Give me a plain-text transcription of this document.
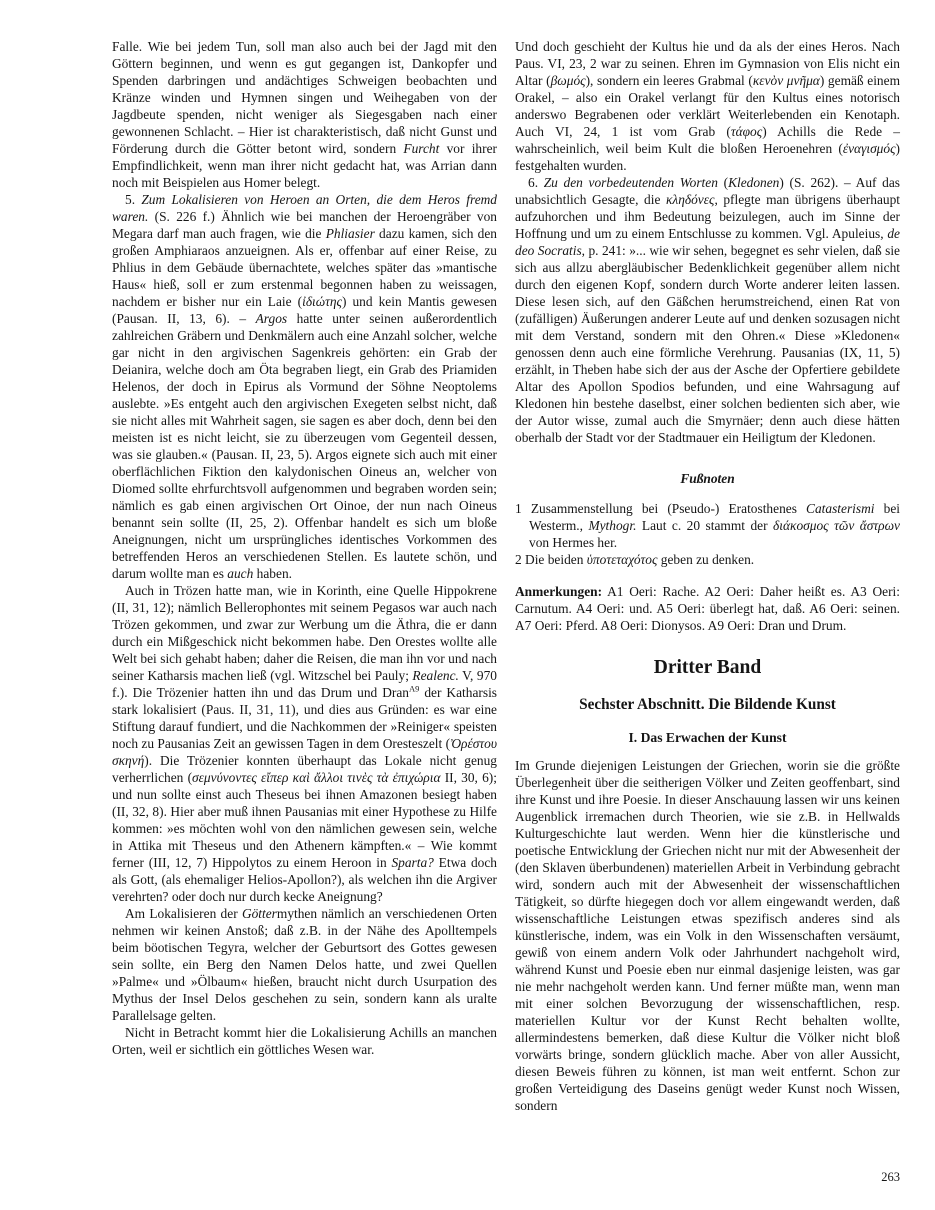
Falle. Wie bei jedem Tun, soll man also auch bei der Jagd mit den Göttern beginnen, und wenn es gut gegangen ist, Dankopfer und Spenden darbringen und andächtiges Schweigen beobachten und Kränze winden und Hymnen singen und Weihegaben von der Jagdbeute spenden, nicht weniger als Siegesgaben nach einer gewonnenen Schlacht. – Hier ist charakteristisch, daß nicht Gunst und Förderung durch die Götter betont wird, sondern Furcht vor ihrer Empfindlichkeit, wenn man ihrer nicht gedacht hat, was Arrian dann noch mit Beispielen aus Homer belegt.

5. Zum Lokalisieren von Heroen an Orten, die dem Heros fremd waren. (S. 226 f.) Ähnlich wie bei manchen der Heroengräber von Megara darf man auch fragen, wie die Phliasier dazu kamen, sich den großen Amphiaraos anzueignen. Als er, offenbar auf einer Reise, zu Phlius in dem Gebäude übernachtete, welches später das »mantische Haus« hieß, soll er zum erstenmal begonnen haben zu weissagen, nachdem er bisher nur ein Laie (ἰδιώτης) und kein Mantis gewesen (Pausan. II, 13, 6). – Argos hatte unter seinen außerordentlich zahlreichen Gräbern und Denkmälern auch eine Anzahl solcher, welche gar nicht in den argivischen Sagenkreis gehörten: ein Grab der Deianira, welche doch am Öta begraben liegt, ein Grab des Priamiden Helenos, der doch in Epirus als Vormund der Söhne Neoptolems auslebte. »Es entgeht auch den argivischen Exegeten selbst nicht, daß sie nicht alles mit Wahrheit sagen, sie sagen es aber doch, denn bei den meisten ist es nicht leicht, sie zu überzeugen vom Gegenteil dessen, was sie glauben.« (Pausan. II, 23, 5). Argos eignete sich auch mit einer oberflächlichen Fiktion den kalydonischen Oineus an, welcher von Diomed sollte ehrfurchtsvoll aufgenommen und begraben worden sein; nämlich es gab einen argivischen Ort Oinoe, der nun nach Oineus benannt sein sollte (II, 25, 2). Offenbar handelt es sich um bloße Aneignungen, nicht um ursprüngliches identisches Vorkommen des betreffenden Heros an verschiedenen Stellen. Es lautete schön, und darum wollte man es auch haben.

Auch in Trözen hatte man, wie in Korinth, eine Quelle Hippokrene (II, 31, 12); nämlich Bellerophontes mit seinem Pegasos war auch nach Trözen gekommen, und zwar zur Werbung um die Äthra, die er dann durch ein Mißgeschick nicht bekommen habe. Den Orestes wollte alle Welt bei sich gehabt haben; daher die Reisen, die man ihn vor und nach seiner Katharsis machen ließ (vgl. Witzschel bei Pauly; Realenc. V, 970 f.). Die Trözenier hatten ihn und das Drum und Dran$^{A9}$ der Katharsis stark lokalisiert (Paus. II, 31, 11), und dies aus Gründen: es war eine Stiftung darauf fundiert, und die Nachkommen der »Reiniger« speisten noch zu Pausanias Zeit an gewissen Tagen in dem Oresteszelt (Ὀρέστου σκηνή). Die Trözenier konnten überhaupt das Lokale nicht genug verherrlichen (σεμνύνοντες εἴπερ καὶ ἄλλοι τινὲς τὰ ἐπιχώρια II, 30, 6); und nun sollte einst auch Theseus bei ihnen Amazonen besiegt haben (II, 32, 8). Hier aber muß ihnen Pausanias mit einer Hypothese zu Hilfe kommen: »es möchten wohl von den nämlichen gewesen sein, welche in Attika mit Theseus und den Athenern kämpften.« – Wie kommt ferner (III, 12, 7) Hippolytos zu einem Heroon in Sparta? Etwa doch als Gott, (als ehemaliger Helios-Apollon?), als welchen ihn die Argiver verehrten? oder doch nur durch kecke Aneignung?

Am Lokalisieren der Göttermythen nämlich an verschiedenen Orten nehmen wir keinen Anstoß; daß z.B. in der Nähe des Apolltempels beim böotischen Tegyra, welcher der Geburtsort des Gottes gewesen sein sollte, ein Berg den Namen Delos hatte, und zwei Quellen »Palme« und »Ölbaum« hießen, braucht nicht durch Usurpation des Mythus der Insel Delos geschehen zu sein, sondern kann als uralte Parallelsage gelten.

Nicht in Betracht kommt hier die Lokalisierung Achills an manchen Orten, weil er sichtlich ein göttliches Wesen war.

Und doch geschieht der Kultus hie und da als der eines Heros. Nach Paus. VI, 23, 2 war zu seinen. Ehren im Gymnasion von Elis nicht ein Altar (βωμός), sondern ein leeres Grabmal (κενὸν μνῆμα) gemäß einem Orakel, – also ein Orakel verlangt für den Kultus eines notorisch anderswo Begrabenen oder verklärt Weiterlebenden ein Kenotaph. Auch VI, 24, 1 ist vom Grab (τάφος) Achills die Rede – wahrscheinlich, weil beim Kult die bloßen Heroenehren (ἐναγισμός) festgehalten wurden.

6. Zu den vorbedeutenden Worten (Kledonen) (S. 262). – Auf das unabsichtlich Gesagte, die κληδόνες, pflegte man übrigens überhaupt aufzuhorchen und ihm Bedeutung beizulegen, auch im Sinne der Hoffnung und um zu einem Entschlusse zu kommen. Vgl. Apuleius, de deo Socratis, p. 241: »... wie wir sehen, begegnet es sehr vielen, daß sie sich aus allzu abergläubischer Bedenklichkeit gegenüber allem nicht durch den eigenen Kopf, sondern durch Worte anderer leiten lassen. Diese lesen sich, auf den Gäßchen herumstreichend, einen Rat von (zufälligen) Äußerungen anderer Leute auf und denken sozusagen nicht mit dem Verstand, sondern mit den Ohren.« Diese »Kledonen« genossen denn auch eine förmliche Verehrung. Pausanias (IX, 11, 5) erzählt, in Theben habe sich der aus der Asche der Opfertiere gebildete Altar des Apollon Spodios befunden, und eine Wahrsagung auf Kledonen hin bestehe daselbst, einer solchen bedienten sich aber, wie der Autor wisse, zumal auch die Smyrnäer; denn auch diese hätten oberhalb der Stadt vor der Stadtmauer ein Heiligtum der Kledonen.

Fußnoten

1 Zusammenstellung bei (Pseudo-) Eratosthenes Catasterismi bei Westerm., Mythogr. Laut c. 20 stammt der διάκοσμος τῶν ἄστρων von Hermes her.

2 Die beiden ὑποτεταχότος geben zu denken.

Anmerkungen: A1 Oeri: Rache. A2 Oeri: Daher heißt es. A3 Oeri: Carnutum. A4 Oeri: und. A5 Oeri: überlegt hat, daß. A6 Oeri: seinen. A7 Oeri: Pferd. A8 Oeri: Dionysos. A9 Oeri: Dran und Drum.

Dritter Band
Sechster Abschnitt. Die Bildende Kunst
I. Das Erwachen der Kunst

Im Grunde diejenigen Leistungen der Griechen, worin sie die größte Überlegenheit über die seitherigen Völker und Zeiten geoffenbart, sind ihre Kunst und ihre Poesie. In dieser Anschauung lassen wir uns keinen Augenblick irremachen durch Theorien, wie sie z.B. in Hellwalds Kulturgeschichte laut werden. Wenn hier die künstlerische und poetische Entwicklung der Griechen nicht nur mit der Abwesenheit der (den Sklaven überbundenen) materiellen Arbeit in Verbindung gebracht wird, sondern auch mit der Abwesenheit der wissenschaftlichen Tätigkeit, so dürfte hiegegen doch vor allem eingewandt werden, daß wissenschaftliche Leistungen etwas spezifisch anderes sind als künstlerische, indem, was ein Volk in den Wissenschaften versäumt, gewiß von einem andern Volk oder Jahrhundert nachgeholt wird, während Kunst und Poesie eben nur einmal dasjenige leisten, was gar nie mehr nachgeholt werden kann. Und ferner müßte man, wenn man mit einer solchen Bevorzugung der wissenschaftlichen, resp. materiellen Kultur vor der Kunst Recht behalten wollte, allermindestens bemerken, daß diese Kultur die Völker nicht bloß vorwärts bringe, sondern glücklich mache. Aber von aller Aussicht, diesen Beweis führen zu können, ist man weit entfernt. Schon zur großen Verteidigung des Daseins genügt weder Kunst noch Wissen, sondern

263
